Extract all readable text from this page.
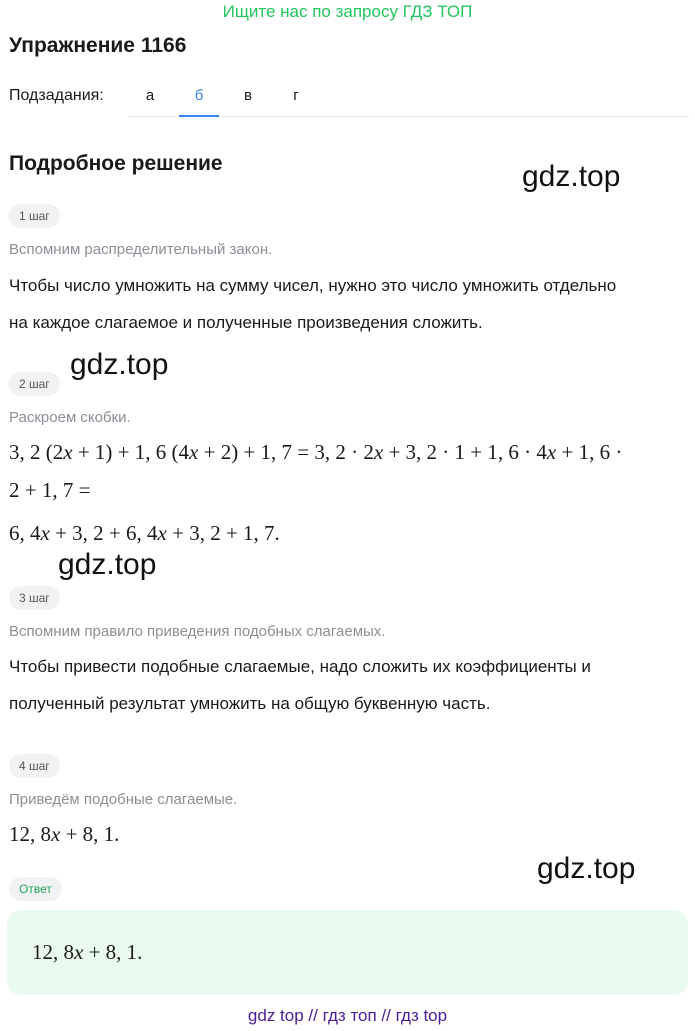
Ищите нас по запросу ГДЗ ТОП
Упражнение 1166
Подзадания:	а	б	в	г
Подробное решение	gdz.top
gdz.top
gdz.top
gdz.top
1 шаг
Вспомним распределительный закон.
Чтобы число умножить на сумму чисел, нужно это число умножить отдельно
на каждое слагаемое и полученные произведения сложить.
2 шаг
Раскроем скобки.
3, 2 (2x + 1) + 1, 6 (4x + 2) + 1, 7 = 3, 2 · 2x + 3, 2 · 1 + 1, 6 · 4x + 1, 6 ·
2 + 1, 7 =
6, 4x + 3, 2 + 6, 4x + 3, 2 + 1, 7.
3 шаг
Вспомним правило приведения подобных слагаемых.
Чтобы привести подобные слагаемые, надо сложить их коэффициенты и
полученный результат умножить на общую буквенную часть.
4 шаг
Приведём подобные слагаемые.
12, 8x + 8, 1.
Ответ
12, 8x + 8, 1.
gdz top // гдз топ // гдз top
